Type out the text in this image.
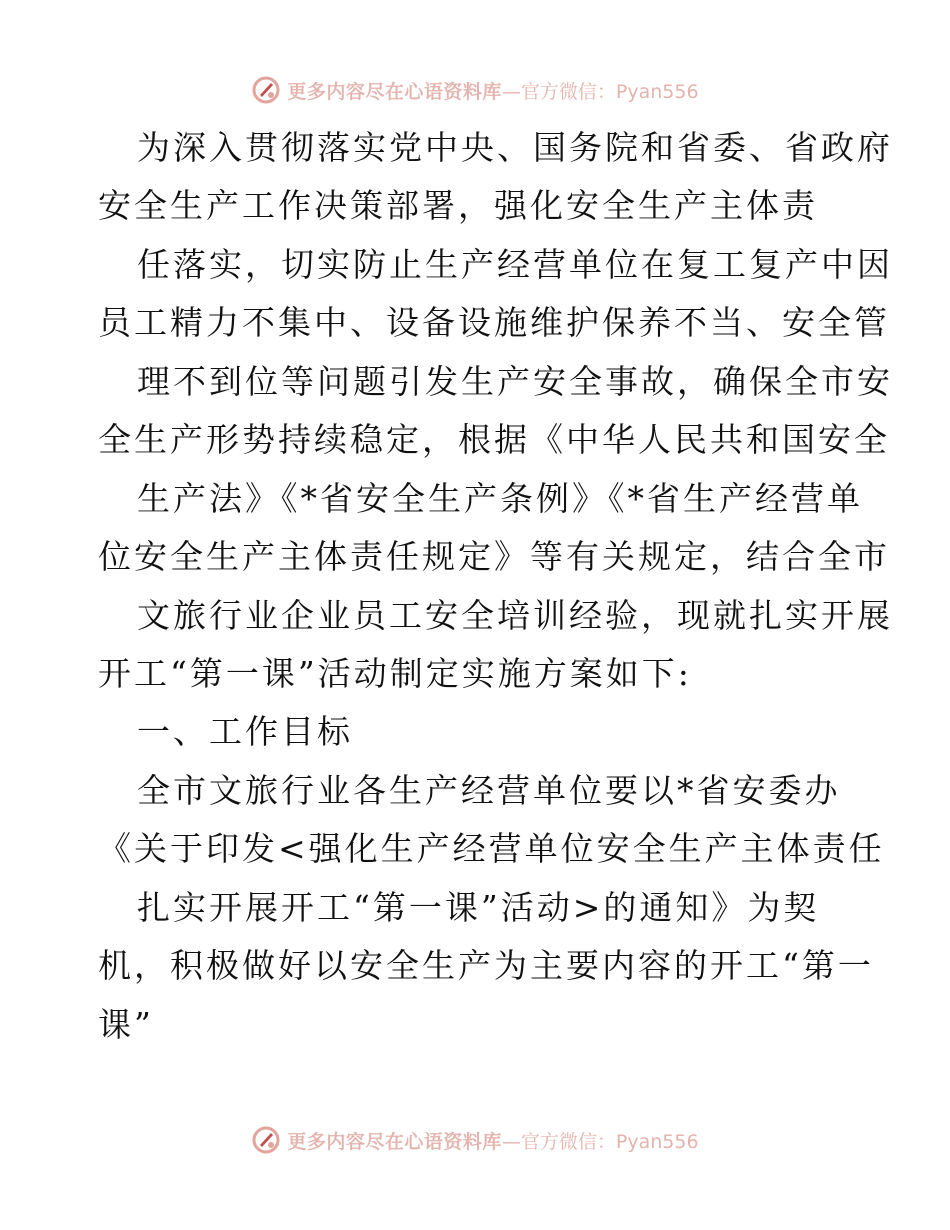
更多内容尽在心语资料库 —官方微信：Pyan556
为深入贯彻落实党中央、国务院和省委、省政府
安全生产工作决策部署，强化安全生产主体责
任落实，切实防止生产经营单位在复工复产中因
员工精力不集中、设备设施维护保养不当、安全管
理不到位等问题引发生产安全事故，确保全市安
全生产形势持续稳定，根据《中华人民共和国安全
生产法》《*省安全生产条例》《*省生产经营单
位安全生产主体责任规定》等有关规定，结合全市
文旅行业企业员工安全培训经验，现就扎实开展
开工“第一课”活动制定实施方案如下:
一、工作目标
全市文旅行业各生产经营单位要以*省安委办
《关于印发<强化生产经营单位安全生产主体责任
扎实开展开工“第一课”活动>的通知》为契
机，积极做好以安全生产为主要内容的开工“第一
课”
更多内容尽在心语资料库 —官方微信：Pyan556
